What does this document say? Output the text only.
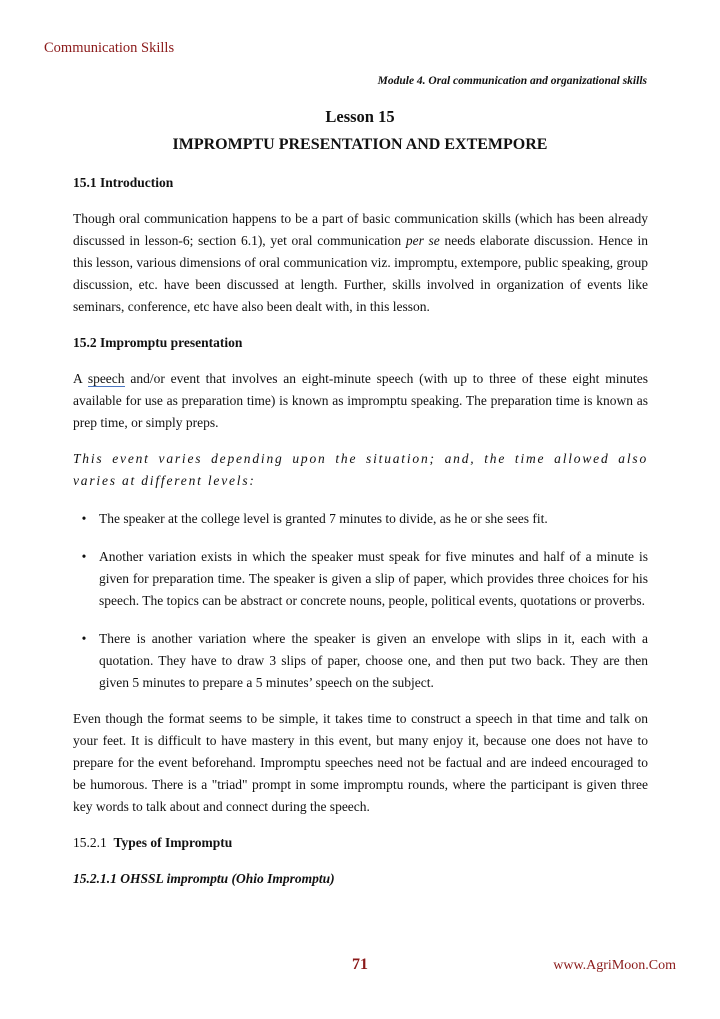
Communication Skills
Module 4. Oral communication and organizational skills
Lesson 15
IMPROMPTU PRESENTATION AND EXTEMPORE
15.1 Introduction

Though oral communication happens to be a part of basic communication skills (which has been already discussed in lesson-6; section 6.1), yet oral communication per se needs elaborate discussion. Hence in this lesson, various dimensions of oral communication viz. impromptu, extempore, public speaking, group discussion, etc. have been discussed at length. Further, skills involved in organization of events like seminars, conference, etc have also been dealt with, in this lesson.

15.2 Impromptu presentation

A speech and/or event that involves an eight-minute speech (with up to three of these eight minutes available for use as preparation time) is known as impromptu speaking. The preparation time is known as prep time, or simply preps.

This event varies depending upon the situation; and, the time allowed also varies at different levels:

• The speaker at the college level is granted 7 minutes to divide, as he or she sees fit.
• Another variation exists in which the speaker must speak for five minutes and half of a minute is given for preparation time. The speaker is given a slip of paper, which provides three choices for his speech. The topics can be abstract or concrete nouns, people, political events, quotations or proverbs.
• There is another variation where the speaker is given an envelope with slips in it, each with a quotation. They have to draw 3 slips of paper, choose one, and then put two back. They are then given 5 minutes to prepare a 5 minutes’ speech on the subject.

Even though the format seems to be simple, it takes time to construct a speech in that time and talk on your feet. It is difficult to have mastery in this event, but many enjoy it, because one does not have to prepare for the event beforehand. Impromptu speeches need not be factual and are indeed encouraged to be humorous. There is a "triad" prompt in some impromptu rounds, where the participant is given three key words to talk about and connect during the speech.

15.2.1 Types of Impromptu
15.2.1.1 OHSSL impromptu (Ohio Impromptu)
71	www.AgriMoon.Com
